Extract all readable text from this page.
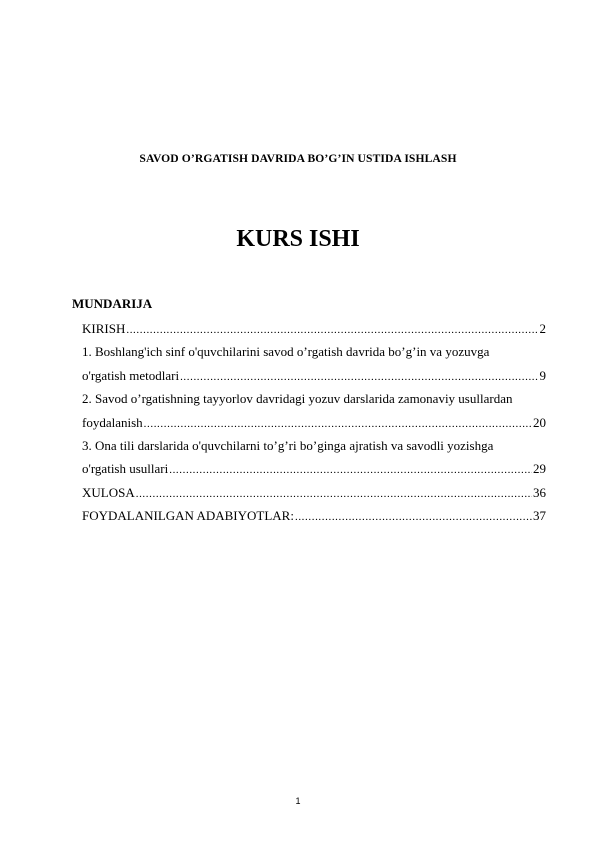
SAVOD O’RGATISH DAVRIDA BO’G’IN USTIDA ISHLASH
KURS ISHI
MUNDARIJA
KIRISH .....	2
1. Boshlang'ich sinf o'quvchilarini savod o’rgatish davrida bo’g’in va yozuvga
o'rgatish metodlari .....	9
2. Savod o’rgatishning tayyorlov davridagi yozuv darslarida zamonaviy usullardan
foydalanish .....	20
3. Ona tili darslarida o'quvchilarni to’g’ri bo’ginga ajratish va savodli yozishga
o'rgatish usullari .....	29
XULOSA .....	36
FOYDALANILGAN ADABIYOTLAR: .....	37
1
